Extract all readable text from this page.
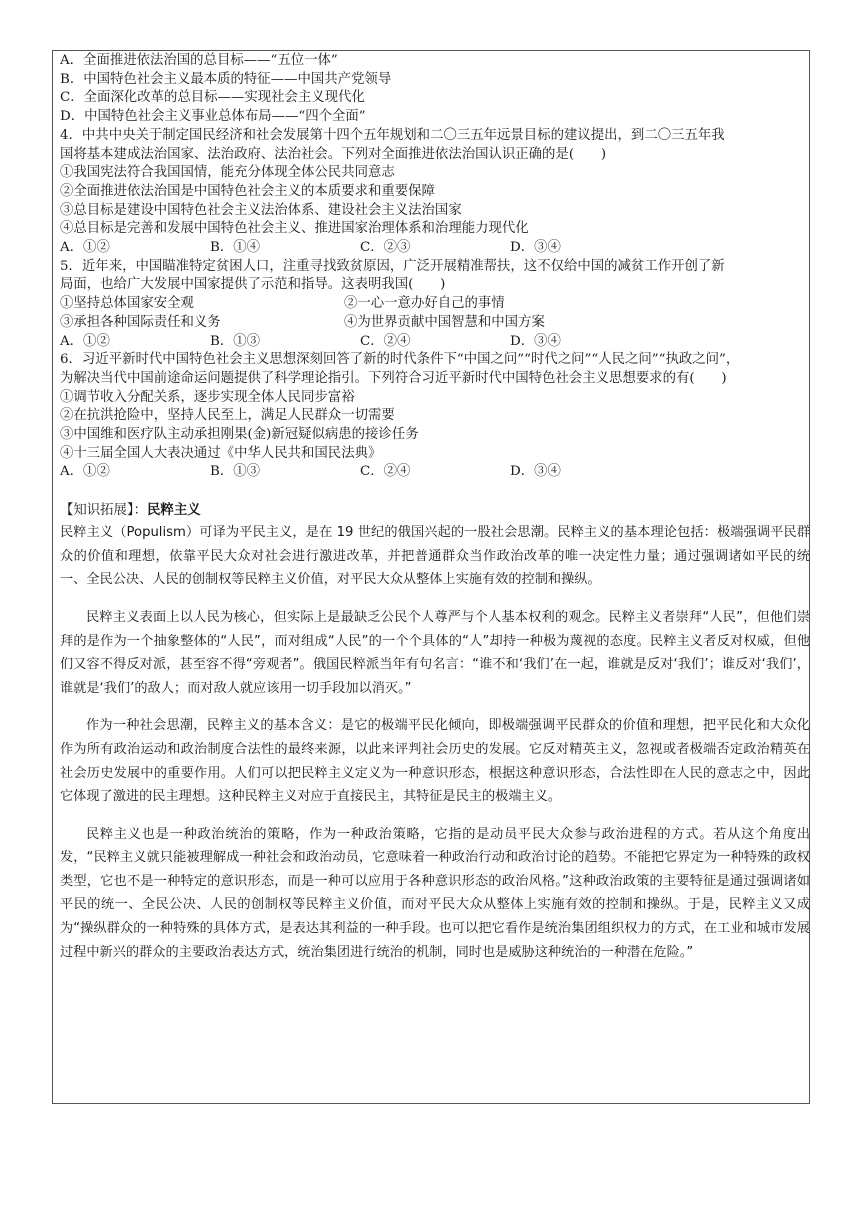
A．全面推进依法治国的总目标——“五位一体”
B．中国特色社会主义最本质的特征——中国共产党领导
C．全面深化改革的总目标——实现社会主义现代化
D．中国特色社会主义事业总体布局——“四个全面”
4．中共中央关于制定国民经济和社会发展第十四个五年规划和二〇三五年远景目标的建议提出，到二〇三五年我
国将基本建成法治国家、法治政府、法治社会。下列对全面推进依法治国认识正确的是(　　)
①我国宪法符合我国国情，能充分体现全体公民共同意志
②全面推进依法治国是中国特色社会主义的本质要求和重要保障
③总目标是建设中国特色社会主义法治体系、建设社会主义法治国家
④总目标是完善和发展中国特色社会主义、推进国家治理体系和治理能力现代化
A．①②	B．①④	C．②③	D．③④
5．近年来，中国瞄准特定贫困人口，注重寻找致贫原因，广泛开展精准帮扶，这不仅给中国的减贫工作开创了新
局面，也给广大发展中国家提供了示范和指导。这表明我国(　　)
①坚持总体国家安全观	②一心一意办好自己的事情
③承担各种国际责任和义务	④为世界贡献中国智慧和中国方案
A．①②	B．①③	C．②④	D．③④
6．习近平新时代中国特色社会主义思想深刻回答了新的时代条件下“中国之问”“时代之问”“人民之问”“执政之问”，
为解决当代中国前途命运问题提供了科学理论指引。下列符合习近平新时代中国特色社会主义思想要求的有(　　)
①调节收入分配关系，逐步实现全体人民同步富裕
②在抗洪抢险中，坚持人民至上，满足人民群众一切需要
③中国维和医疗队主动承担刚果(金)新冠疑似病患的接诊任务
④十三届全国人大表决通过《中华人民共和国民法典》
A．①②	B．①③	C．②④	D．③④
【知识拓展】：民粹主义

民粹主义（Populism）可译为平民主义，是在 19 世纪的俄国兴起的一股社会思潮。民粹主义的基本理论包括：极端强调平民群众的价值和理想，依靠平民大众对社会进行激进改革，并把普通群众当作政治改革的唯一决定性力量；通过强调诸如平民的统一、全民公决、人民的创制权等民粹主义价值，对平民大众从整体上实施有效的控制和操纵。

民粹主义表面上以人民为核心，但实际上是最缺乏公民个人尊严与个人基本权利的观念。民粹主义者崇拜“人民”，但他们崇拜的是作为一个抽象整体的“人民”，而对组成“人民”的一个个具体的“人”却持一种极为蔑视的态度。民粹主义者反对权威，但他们又容不得反对派，甚至容不得“旁观者”。俄国民粹派当年有句名言：“谁不和‘我们’在一起，谁就是反对‘我们’；谁反对‘我们’，谁就是‘我们’的敌人；而对敌人就应该用一切手段加以消灭。”

作为一种社会思潮，民粹主义的基本含义：是它的极端平民化倾向，即极端强调平民群众的价值和理想，把平民化和大众化作为所有政治运动和政治制度合法性的最终来源，以此来评判社会历史的发展。它反对精英主义，忽视或者极端否定政治精英在社会历史发展中的重要作用。人们可以把民粹主义定义为一种意识形态，根据这种意识形态，合法性即在人民的意志之中，因此它体现了激进的民主理想。这种民粹主义对应于直接民主，其特征是民主的极端主义。

民粹主义也是一种政治统治的策略，作为一种政治策略，它指的是动员平民大众参与政治进程的方式。若从这个角度出发，“民粹主义就只能被理解成一种社会和政治动员，它意味着一种政治行动和政治讨论的趋势。不能把它界定为一种特殊的政权类型，它也不是一种特定的意识形态，而是一种可以应用于各种意识形态的政治风格。”这种政治政策的主要特征是通过强调诸如平民的统一、全民公决、人民的创制权等民粹主义价值，而对平民大众从整体上实施有效的控制和操纵。于是，民粹主义又成为“操纵群众的一种特殊的具体方式，是表达其利益的一种手段。也可以把它看作是统治集团组织权力的方式，在工业和城市发展过程中新兴的群众的主要政治表达方式，统治集团进行统治的机制，同时也是威胁这种统治的一种潜在危险。”
